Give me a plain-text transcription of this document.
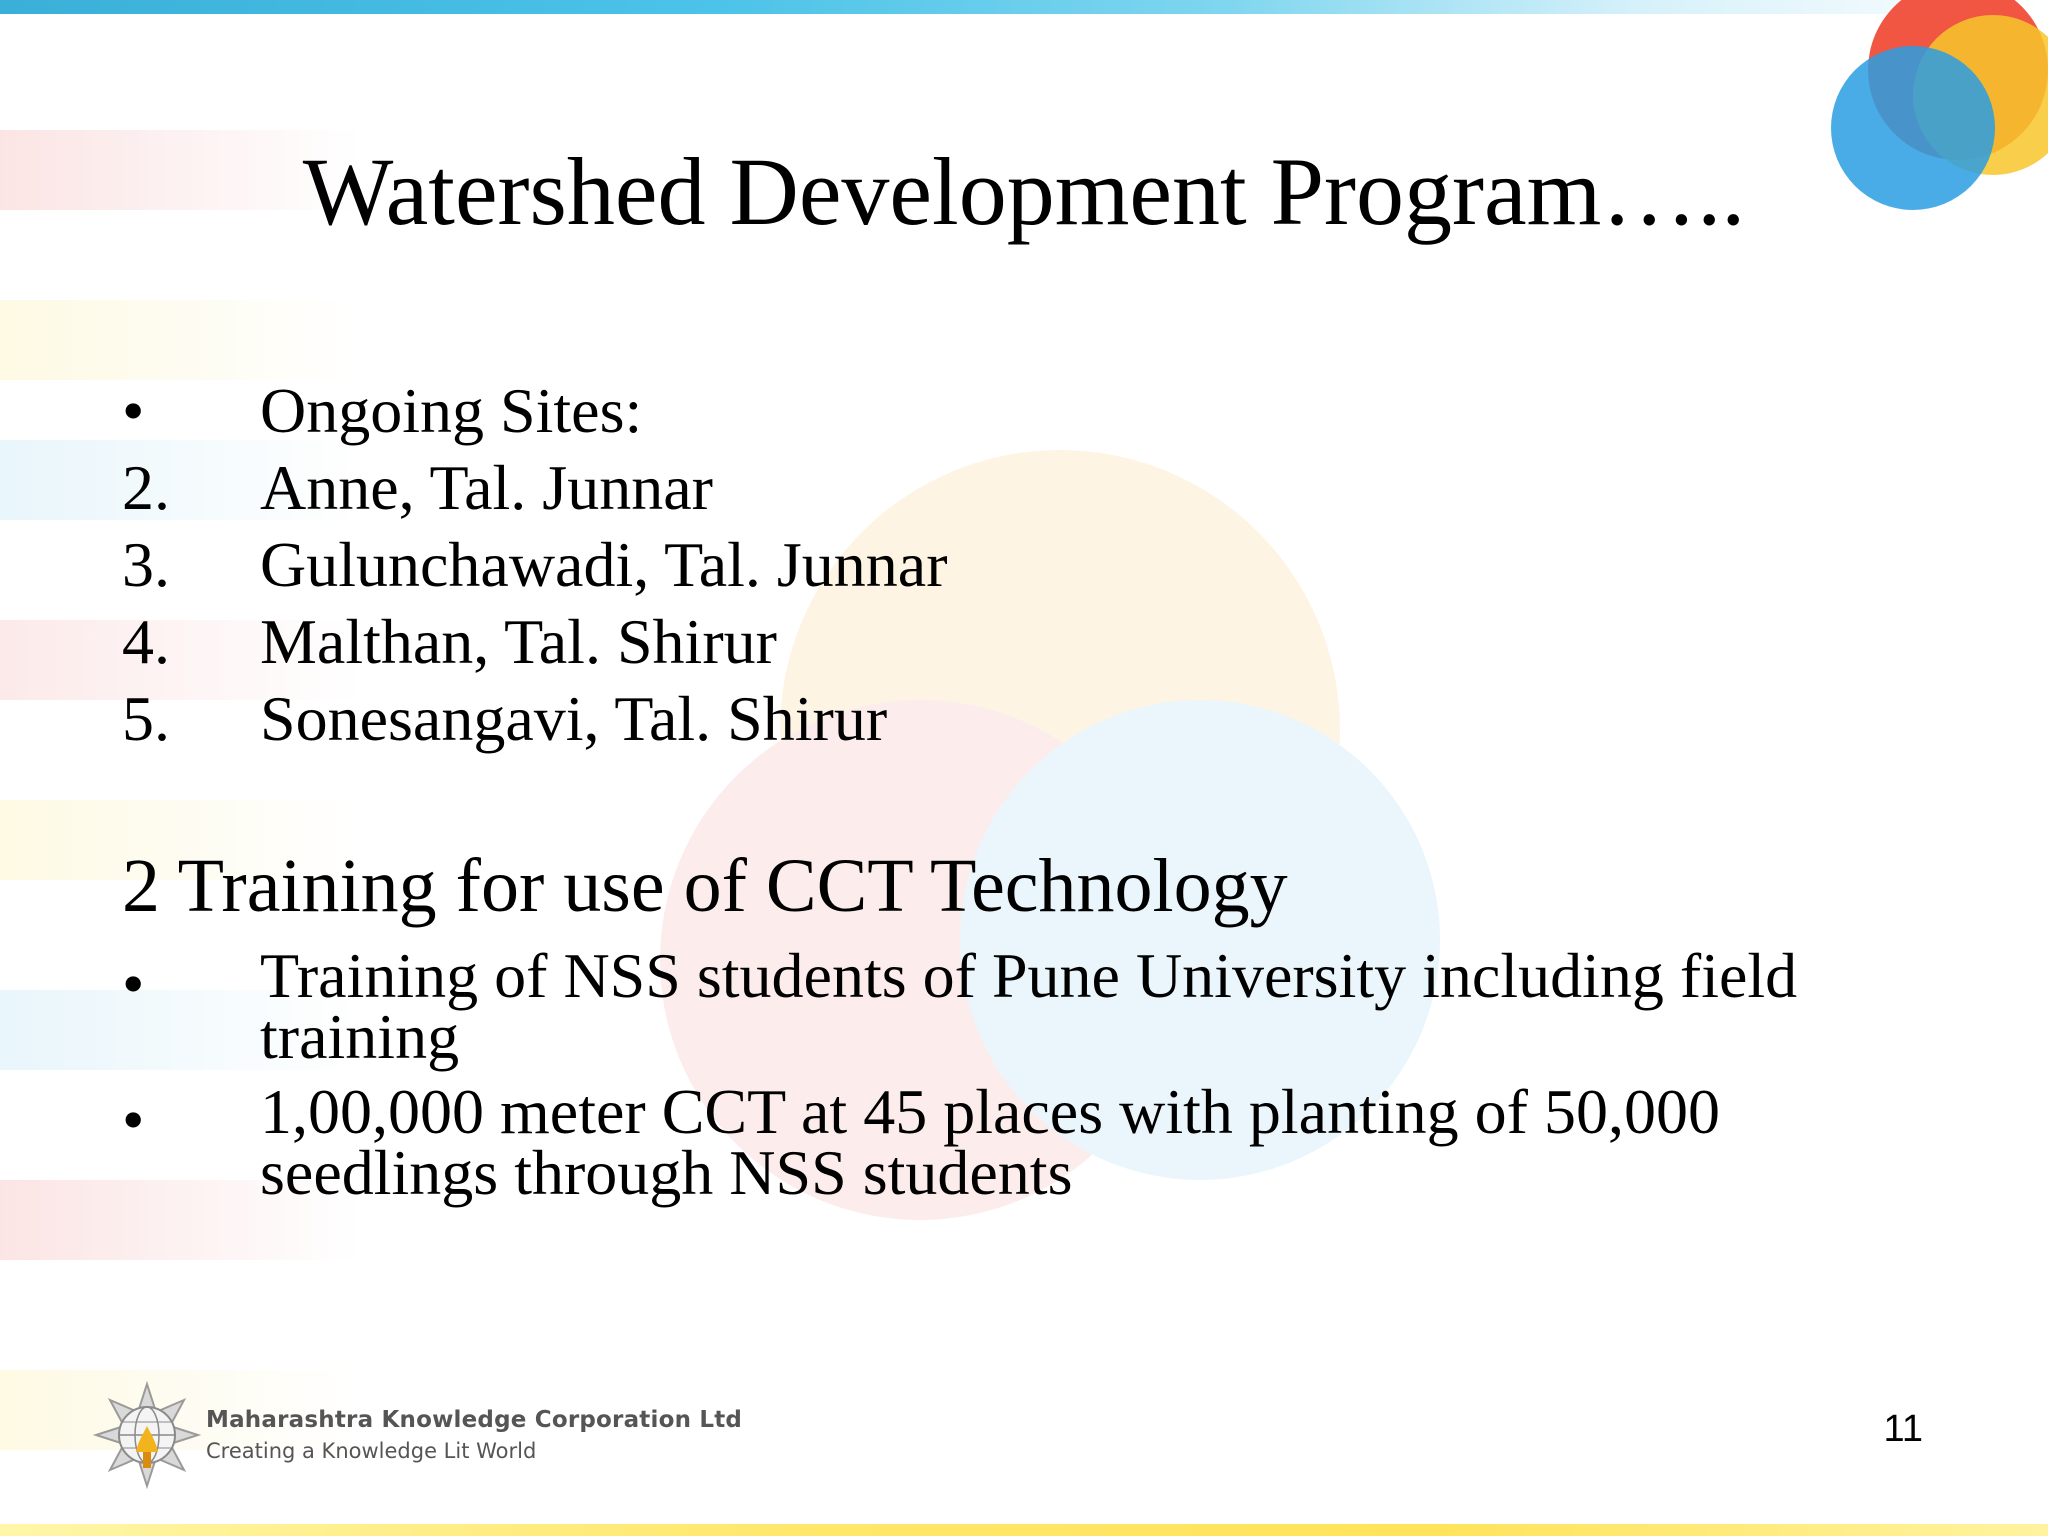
Watershed Development Program…..
•	Ongoing Sites:
2.	Anne, Tal. Junnar
3.	Gulunchawadi, Tal. Junnar
4.	Malthan, Tal. Shirur
5.	Sonesangavi, Tal. Shirur
2 Training for use of CCT Technology
•	Training of NSS students of Pune University including field training
•	1,00,000 meter CCT at 45 places with planting of 50,000 seedlings through NSS students
Maharashtra Knowledge Corporation Ltd
Creating a Knowledge Lit World
11
